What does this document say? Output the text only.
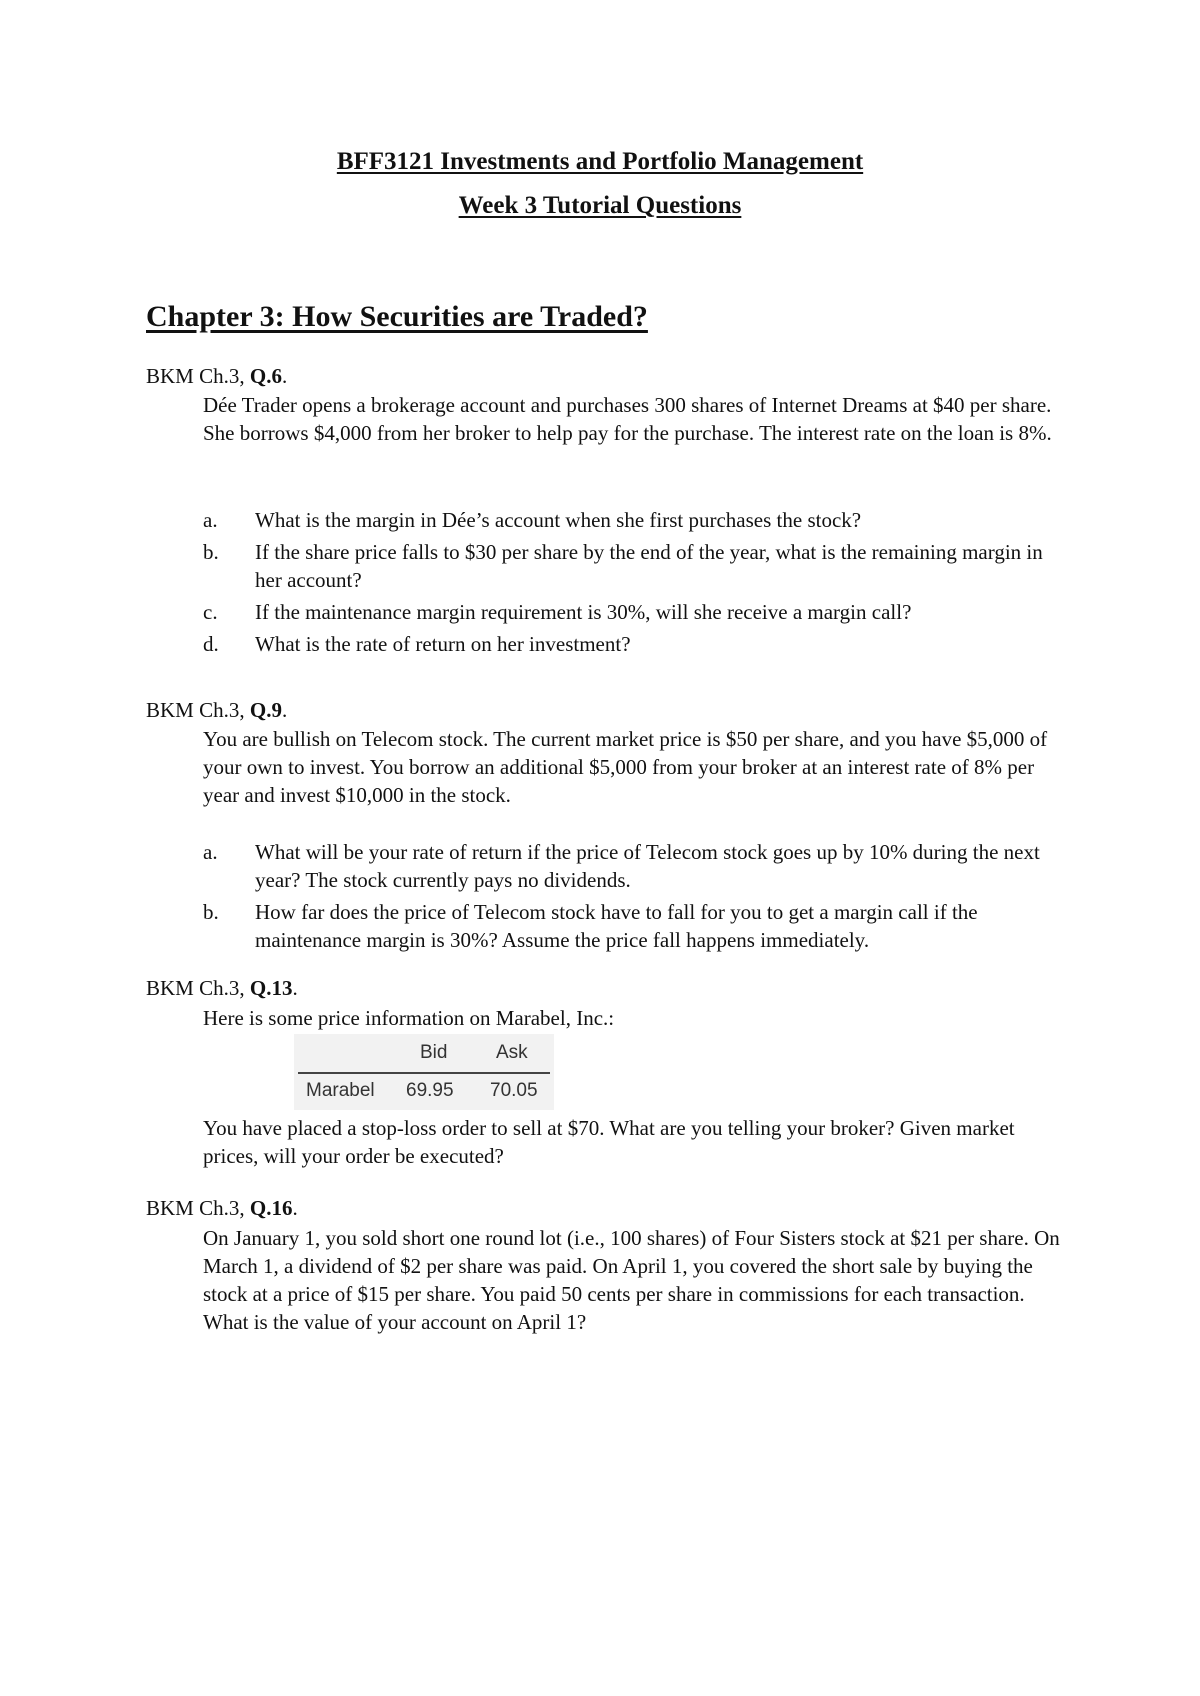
BFF3121 Investments and Portfolio Management
Week 3 Tutorial Questions
Chapter 3: How Securities are Traded?
BKM Ch.3, Q.6.

Dée Trader opens a brokerage account and purchases 300 shares of Internet Dreams at $40 per share. She borrows $4,000 from her broker to help pay for the purchase. The interest rate on the loan is 8%.

a. What is the margin in Dée’s account when she first purchases the stock?
b. If the share price falls to $30 per share by the end of the year, what is the remaining margin in her account?
c. If the maintenance margin requirement is 30%, will she receive a margin call?
d. What is the rate of return on her investment?
BKM Ch.3, Q.9.

You are bullish on Telecom stock. The current market price is $50 per share, and you have $5,000 of your own to invest. You borrow an additional $5,000 from your broker at an interest rate of 8% per year and invest $10,000 in the stock.

a. What will be your rate of return if the price of Telecom stock goes up by 10% during the next year? The stock currently pays no dividends.
b. How far does the price of Telecom stock have to fall for you to get a margin call if the maintenance margin is 30%? Assume the price fall happens immediately.
BKM Ch.3, Q.13.

Here is some price information on Marabel, Inc.:

Bid	Ask
Marabel 69.95 70.05

You have placed a stop-loss order to sell at $70. What are you telling your broker? Given market prices, will your order be executed?

BKM Ch.3, Q.16.

On January 1, you sold short one round lot (i.e., 100 shares) of Four Sisters stock at $21 per share. On March 1, a dividend of $2 per share was paid. On April 1, you covered the short sale by buying the stock at a price of $15 per share. You paid 50 cents per share in commissions for each transaction. What is the value of your account on April 1?
